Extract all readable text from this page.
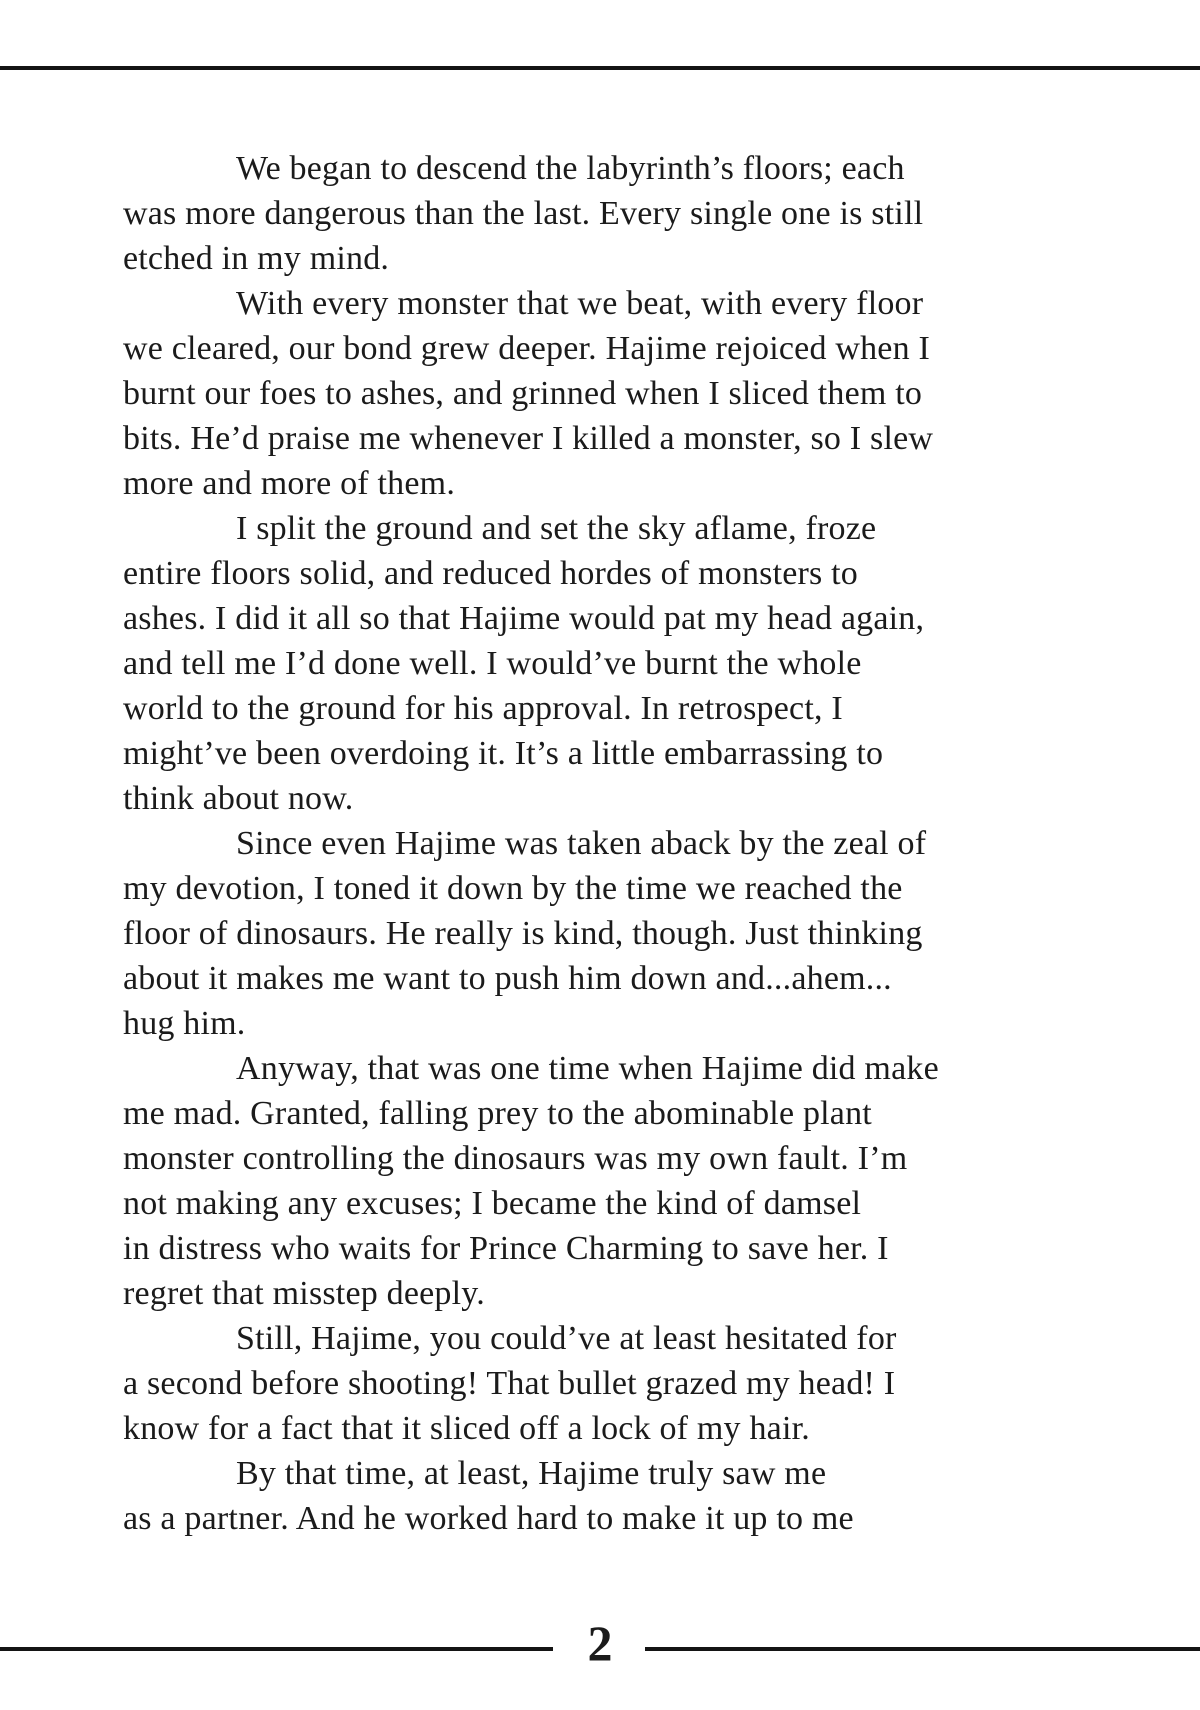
We began to descend the labyrinth’s floors; each
was more dangerous than the last. Every single one is still
etched in my mind.
With every monster that we beat, with every floor
we cleared, our bond grew deeper. Hajime rejoiced when I
burnt our foes to ashes, and grinned when I sliced them to
bits. He’d praise me whenever I killed a monster, so I slew
more and more of them.
I split the ground and set the sky aflame, froze
entire floors solid, and reduced hordes of monsters to
ashes. I did it all so that Hajime would pat my head again,
and tell me I’d done well. I would’ve burnt the whole
world to the ground for his approval. In retrospect, I
might’ve been overdoing it. It’s a little embarrassing to
think about now.
Since even Hajime was taken aback by the zeal of
my devotion, I toned it down by the time we reached the
floor of dinosaurs. He really is kind, though. Just thinking
about it makes me want to push him down and...ahem...
hug him.
Anyway, that was one time when Hajime did make
me mad. Granted, falling prey to the abominable plant
monster controlling the dinosaurs was my own fault. I’m
not making any excuses; I became the kind of damsel
in distress who waits for Prince Charming to save her. I
regret that misstep deeply.
Still, Hajime, you could’ve at least hesitated for
a second before shooting! That bullet grazed my head! I
know for a fact that it sliced off a lock of my hair.
By that time, at least, Hajime truly saw me
as a partner. And he worked hard to make it up to me
2
